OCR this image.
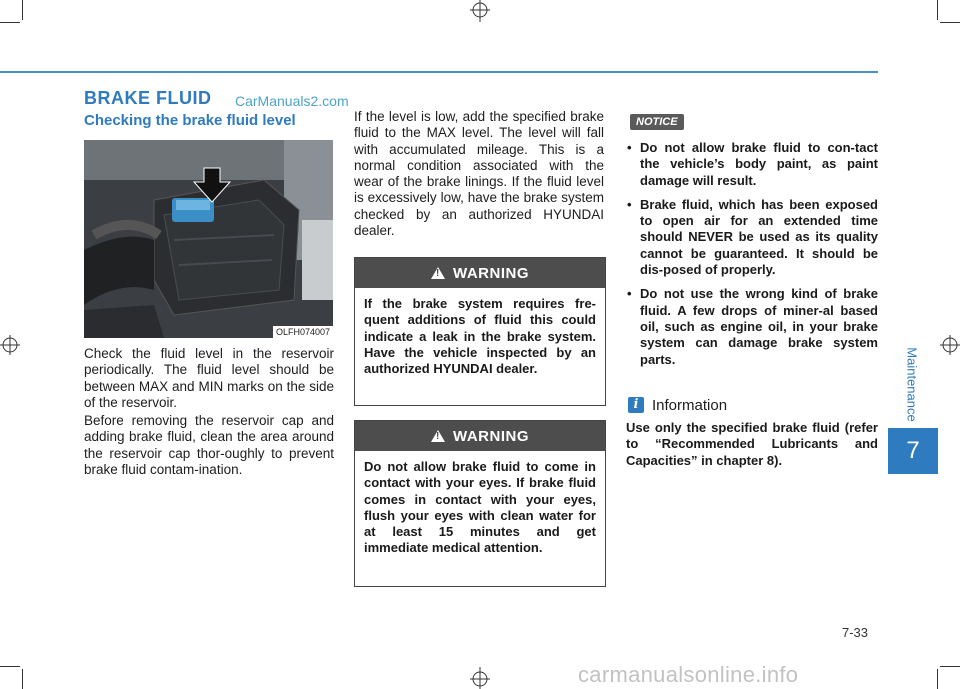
BRAKE FLUID CarManuals2.com
Checking the brake fluid level
OLFH074007
Check the fluid level in the reservoir periodically. The fluid level should be between MAX and MIN marks on the side of the reservoir.
Before removing the reservoir cap and adding brake fluid, clean the area around the reservoir cap thor-oughly to prevent brake fluid contam-ination.
If the level is low, add the specified brake fluid to the MAX level. The level will fall with accumulated mileage. This is a normal condition associated with the wear of the brake linings. If the fluid level is excessively low, have the brake system checked by an authorized HYUNDAI dealer.
! WARNING
If the brake system requires fre-quent additions of fluid this could indicate a leak in the brake system. Have the vehicle inspected by an authorized HYUNDAI dealer.
! WARNING
Do not allow brake fluid to come in contact with your eyes. If brake fluid comes in contact with your eyes, flush your eyes with clean water for at least 15 minutes and get immediate medical attention.
NOTICE
• Do not allow brake fluid to con-tact the vehicle’s body paint, as paint damage will result.
• Brake fluid, which has been exposed to open air for an extended time should NEVER be used as its quality cannot be guaranteed. It should be dis-posed of properly.
• Do not use the wrong kind of brake fluid. A few drops of miner-al based oil, such as engine oil, in your brake system can damage brake system parts.
i Information
Use only the specified brake fluid (refer to “Recommended Lubricants and Capacities” in chapter 8).
Maintenance
7
7-33
carmanualsonline.info
